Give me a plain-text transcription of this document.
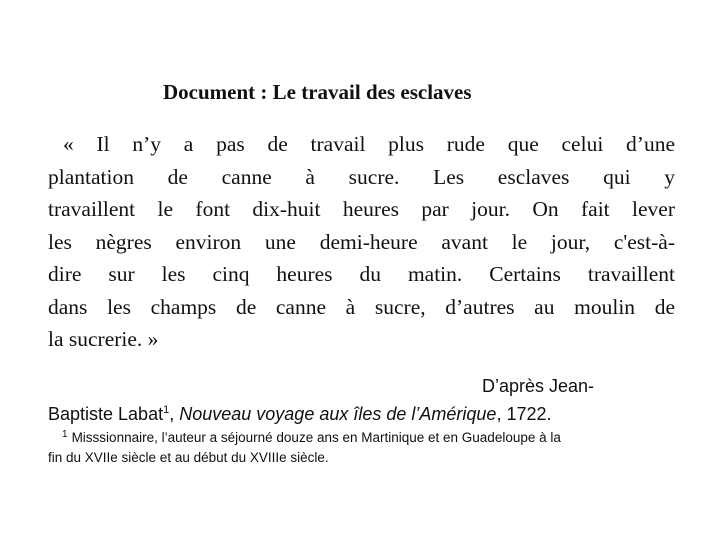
Document : Le travail des esclaves
« Il n’y a pas de travail plus rude que celui d’une
plantation de canne à sucre. Les esclaves qui y
travaillent le font dix-huit heures par jour. On fait lever
les nègres environ une demi-heure avant le jour, c'est-à-
dire sur les cinq heures du matin. Certains travaillent
dans les champs de canne à sucre, d’autres au moulin de
la sucrerie. »
D’après Jean-
Baptiste Labat$^1$, Nouveau voyage aux îles de l’Amérique, 1722.
$^1$ Misssionnaire, l’auteur a séjourné douze ans en Martinique et en Guadeloupe à la
fin du XVIIe siècle et au début du XVIIIe siècle.
